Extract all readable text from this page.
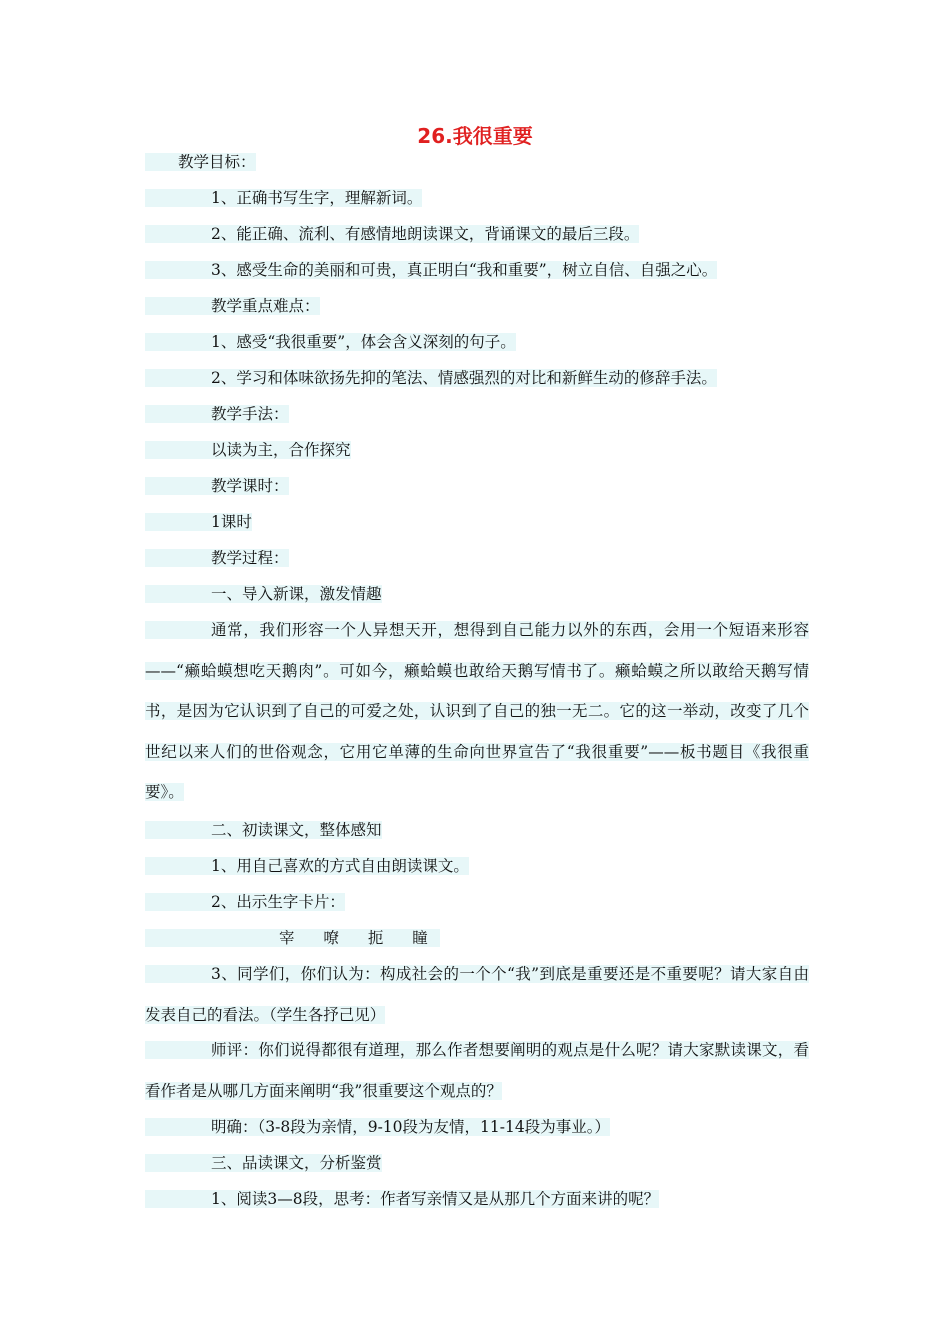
26.我很重要
教学目标：
1、正确书写生字，理解新词。
2、能正确、流利、有感情地朗读课文，背诵课文的最后三段。
3、感受生命的美丽和可贵，真正明白“我和重要”，树立自信、自强之心。
教学重点难点：
1、感受“我很重要”，体会含义深刻的句子。
2、学习和体味欲扬先抑的笔法、情感强烈的对比和新鲜生动的修辞手法。
教学手法：
以读为主，合作探究
教学课时：
1课时
教学过程：
一、导入新课，激发情趣
通常，我们形容一个人异想天开，想得到自己能力以外的东西，会用一个短语来形容——“癞蛤蟆想吃天鹅肉”。可如今，癞蛤蟆也敢给天鹅写情书了。癞蛤蟆之所以敢给天鹅写情书，是因为它认识到了自己的可爱之处，认识到了自己的独一无二。它的这一举动，改变了几个世纪以来人们的世俗观念，它用它单薄的生命向世界宣告了“我很重要”——板书题目《我很重要》。
二、初读课文，整体感知
1、用自己喜欢的方式自由朗读课文。
2、出示生字卡片：
宰 嘹 扼 瞳
3、同学们，你们认为：构成社会的一个个“我”到底是重要还是不重要呢？请大家自由发表自己的看法。（学生各抒己见）
师评：你们说得都很有道理，那么作者想要阐明的观点是什么呢？请大家默读课文，看看作者是从哪几方面来阐明“我”很重要这个观点的？
明确：（3-8段为亲情，9-10段为友情，11-14段为事业。）
三、品读课文，分析鉴赏
1、阅读3—8段，思考：作者写亲情又是从那几个方面来讲的呢？
